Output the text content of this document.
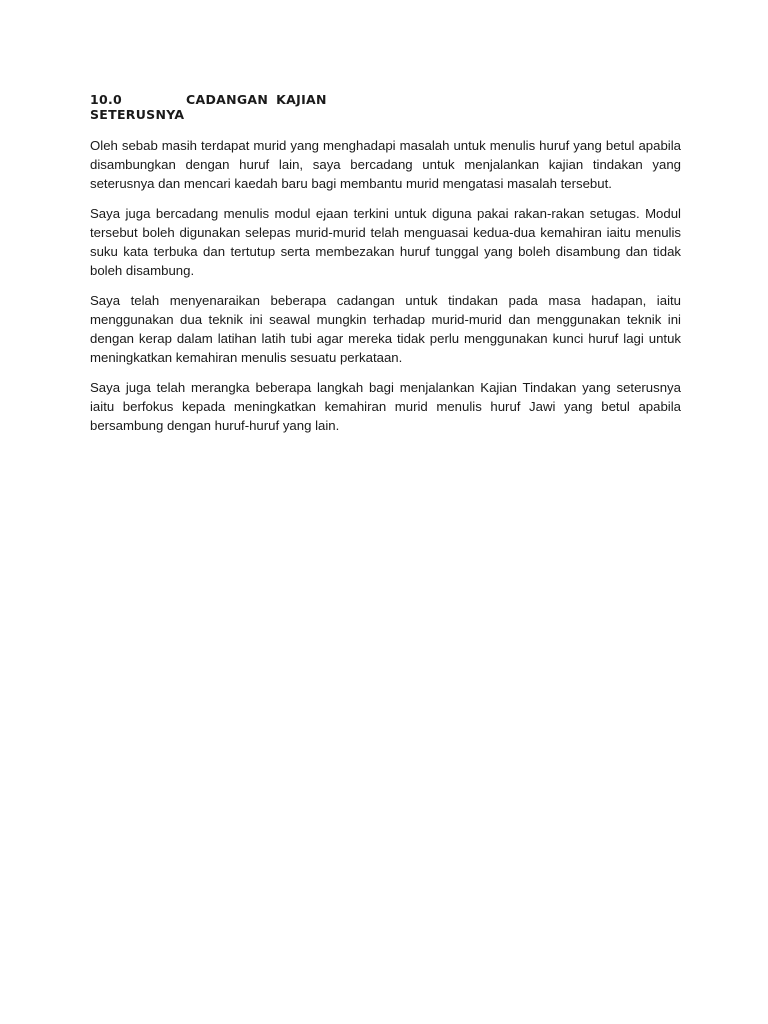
10.0	CADANGAN KAJIAN
SETERUSNYA

Oleh sebab masih terdapat murid yang menghadapi masalah untuk menulis huruf yang betul apabila disambungkan dengan huruf lain, saya bercadang untuk menjalankan kajian tindakan yang seterusnya dan mencari kaedah baru bagi membantu murid mengatasi masalah tersebut.

Saya juga bercadang menulis modul ejaan terkini untuk diguna pakai rakan-rakan setugas. Modul tersebut boleh digunakan selepas murid-murid telah menguasai kedua-dua kemahiran iaitu menulis suku kata terbuka dan tertutup serta membezakan huruf tunggal yang boleh disambung dan tidak boleh disambung.

Saya telah menyenaraikan beberapa cadangan untuk tindakan pada masa hadapan, iaitu menggunakan dua teknik ini seawal mungkin terhadap murid-murid dan menggunakan teknik ini dengan kerap dalam latihan latih tubi agar mereka tidak perlu menggunakan kunci huruf lagi untuk meningkatkan kemahiran menulis sesuatu perkataan.

Saya juga telah merangka beberapa langkah bagi menjalankan Kajian Tindakan yang seterusnya iaitu berfokus kepada meningkatkan kemahiran murid menulis huruf Jawi yang betul apabila bersambung dengan huruf-huruf yang lain.
